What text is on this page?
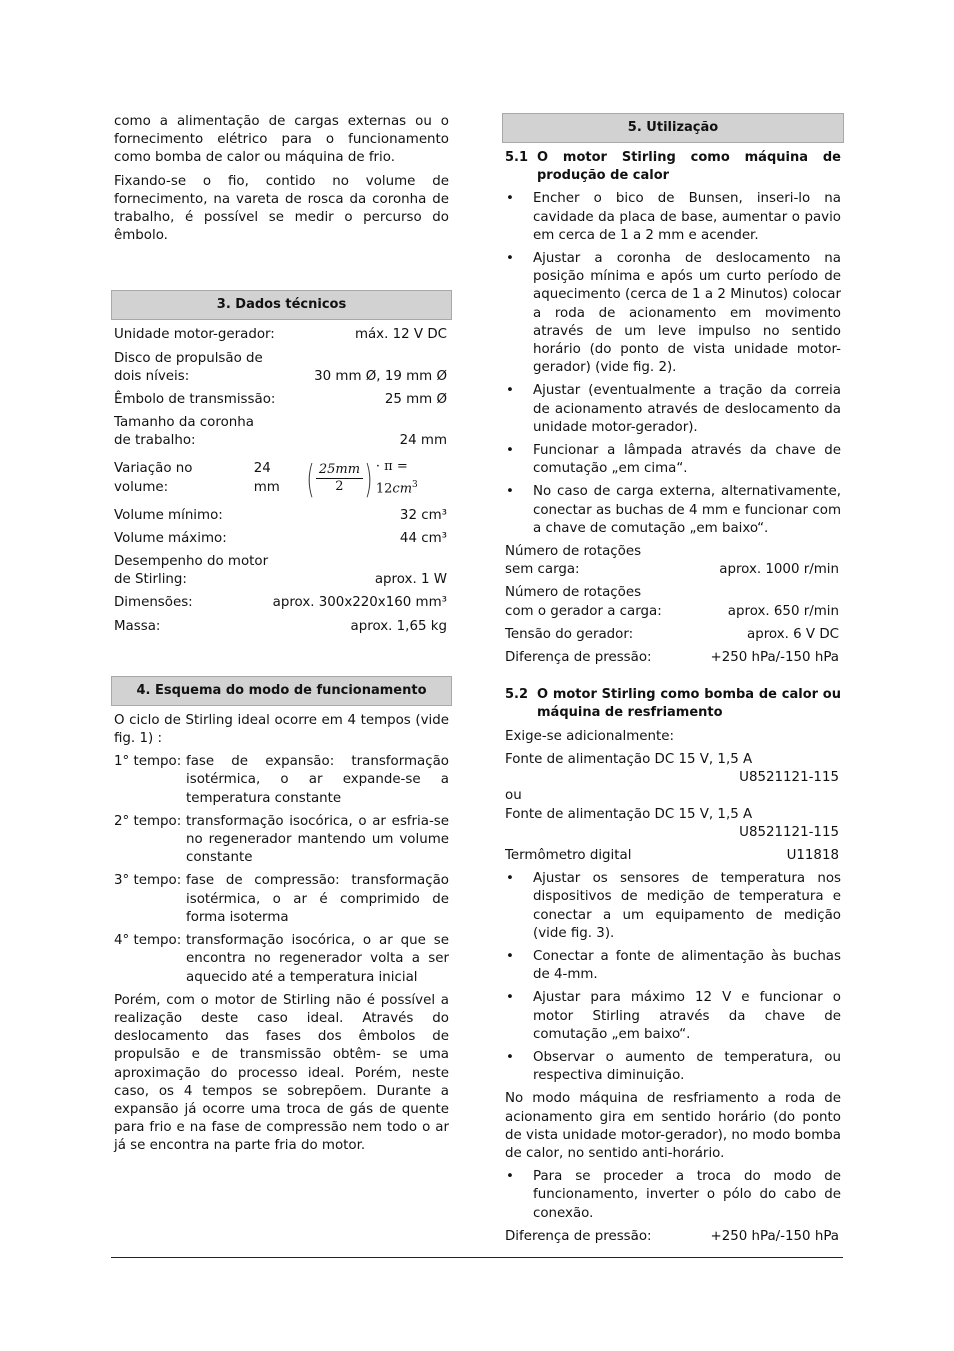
como a alimentação de cargas externas ou o fornecimento elétrico para o funcionamento como bomba de calor ou máquina de frio.

Fixando-se o fio, contido no volume de fornecimento, na vareta de rosca da coronha de trabalho, é possível se medir o percurso do êmbolo.

3. Dados técnicos
Unidade motor-gerador:	máx. 12 V DC
Disco de propulsão de
dois níveis:	30 mm Ø, 19 mm Ø
Êmbolo de transmissão:	25 mm Ø
Tamanho da coronha
de trabalho:	24 mm
Variação no volume:
24 mm ( $\frac{25mm}{2}$ ) · $\pi = 12cm^3$
Volume mínimo:	32 cm³
Volume máximo:	44 cm³
Desempenho do motor
de Stirling:	aprox. 1 W
Dimensões:	aprox. 300x220x160 mm³
Massa:	aprox. 1,65 kg
4. Esquema do modo de funcionamento

O ciclo de Stirling ideal ocorre em 4 tempos (vide fig. 1) :

1° tempo: fase de expansão: transformação isotérmica, o ar expande-se a temperatura constante
2° tempo: transformação isocórica, o ar esfria-se no regenerador mantendo um volume constante
3° tempo: fase de compressão: transformação isotérmica, o ar é comprimido de forma isoterma
4° tempo: transformação isocórica, o ar que se encontra no regenerador volta a ser aquecido até a temperatura inicial

Porém, com o motor de Stirling não é possível a realização deste caso ideal. Através do deslocamento das fases dos êmbolos de propulsão e de transmissão obtêm- se uma aproximação do processo ideal. Porém, neste caso, os 4 tempos se sobrepõem. Durante a expansão já ocorre uma troca de gás de quente para frio e na fase de compressão nem todo o ar já se encontra na parte fria do motor.

5. Utilização
5.1 O motor Stirling como máquina de produção de calor
•	Encher o bico de Bunsen, inseri-lo na cavidade da placa de base, aumentar o pavio em cerca de 1 a 2 mm e acender.
•	Ajustar a coronha de deslocamento na posição mínima e após um curto período de aquecimento (cerca de 1 a 2 Minutos) colocar a roda de acionamento em movimento através de um leve impulso no sentido horário (do ponto de vista unidade motor-gerador) (vide fig. 2).
•	Ajustar (eventualmente a tração da correia de acionamento através de deslocamento da unidade motor-gerador).
•	Funcionar a lâmpada através da chave de comutação „em cima“.
•	No caso de carga externa, alternativamente, conectar as buchas de 4 mm e funcionar com a chave de comutação „em baixo“.
Número de rotações
sem carga:	aprox. 1000 r/min
Número de rotações
com o gerador a carga:	aprox. 650 r/min
Tensão do gerador:	aprox. 6 V DC
Diferença de pressão:	+250 hPa/-150 hPa
5.2 O motor Stirling como bomba de calor ou máquina de resfriamento

Exige-se adicionalmente:

Fonte de alimentação DC 15 V, 1,5 A
U8521121-115
ou
Fonte de alimentação DC 15 V, 1,5 A
U8521121-115
Termômetro digital	U11818
•	Ajustar os sensores de temperatura nos dispositivos de medição de temperatura e conectar a um equipamento de medição (vide fig. 3).
•	Conectar a fonte de alimentação às buchas de 4-mm.
•	Ajustar para máximo 12 V e funcionar o motor Stirling através da chave de comutação „em baixo“.
•	Observar o aumento de temperatura, ou respectiva diminuição.

No modo máquina de resfriamento a roda de acionamento gira em sentido horário (do ponto de vista unidade motor-gerador), no modo bomba de calor, no sentido anti-horário.

•	Para se proceder a troca do modo de funcionamento, inverter o pólo do cabo de conexão.
Diferença de pressão:	+250 hPa/-150 hPa
